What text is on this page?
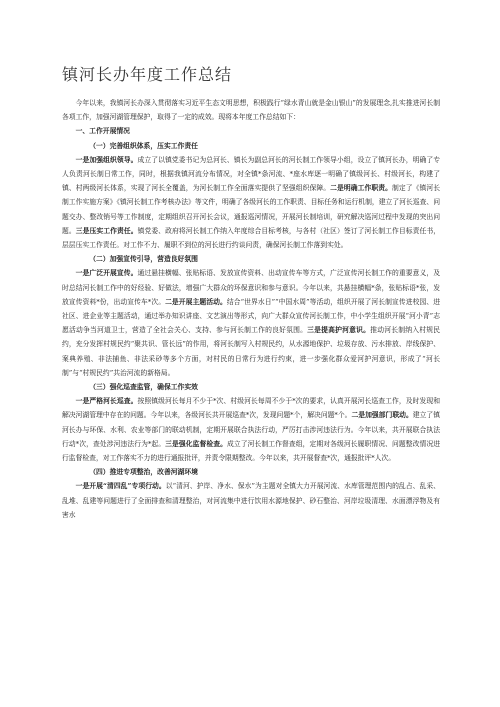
镇河长办年度工作总结

今年以来，我镇河长办深入贯彻落实习近平生态文明思想，积极践行“绿水青山就是金山银山”的发展理念,扎实推进河长制各项工作，加强河湖管理保护，取得了一定的成效。现将本年度工作总结如下：

一、工作开展情况

（一）完善组织体系，压实工作责任

一是加强组织领导。成立了以镇党委书记为总河长、镇长为副总河长的河长制工作领导小组，设立了镇河长办，明确了专人负责河长制日常工作，同时，根据我镇河流分布情况，对全镇*条河流、*座水库逐一明确了镇级河长、村级河长，构建了镇、村两级河长体系，实现了河长全覆盖，为河长制工作全面落实提供了坚强组织保障。二是明确工作职责。制定了《镇河长制工作实施方案》《镇河长制工作考核办法》等文件，明确了各级河长的工作职责、目标任务和运行机制，建立了河长巡查、问题交办、整改销号等工作制度，定期组织召开河长会议，通报巡河情况，开展河长制培训，研究解决巡河过程中发现的突出问题。三是压实工作责任。镇党委、政府将河长制工作纳入年度综合目标考核，与各村（社区）签订了河长制工作目标责任书，层层压实工作责任。对工作不力、履职不到位的河长进行约谈问责，确保河长制工作落到实处。

（二）加强宣传引导，营造良好氛围

一是广泛开展宣传。通过悬挂横幅、张贴标语、发放宣传资料、出动宣传车等方式，广泛宣传河长制工作的重要意义，及时总结河长制工作中的好经验、好做法，增强广大群众的环保意识和参与意识。今年以来，共悬挂横幅*条，张贴标语*张，发放宣传资料*份，出动宣传车*次。二是开展主题活动。结合“世界水日”“中国水周”等活动，组织开展了河长制宣传进校园、进社区、进企业等主题活动，通过举办知识讲座、文艺演出等形式，向广大群众宣传河长制工作，中小学生组织开展“河小青”志愿活动争当河道卫士，营造了全社会关心、支持、参与河长制工作的良好氛围。三是提高护河意识。推动河长制纳入村规民约，充分发挥村规民约“聚共识、管长远”的作用，将河长制写入村规民约，从水源地保护、垃圾存放、污水排放、岸线保护、案典养殖、非法捕鱼、非法采砂等多个方面，对村民的日常行为进行约束，进一步强化群众爱河护河意识，形成了“河长制”与“村规民约”共治河流的新格局。

（三）强化巡查监管，确保工作实效

一是严格河长巡查。按照镇级河长每月不少于*次、村级河长每周不少于*次的要求，认真开展河长巡查工作，及时发现和解决河湖管理中存在的问题。今年以来，各级河长共开展巡查*次，发现问题*个，解决问题*个。二是加强部门联动。建立了镇河长办与环保、水利、农业等部门的联动机制，定期开展联合执法行动，严厉打击涉河违法行为。今年以来，共开展联合执法行动*次，查处涉河违法行为*起。三是强化监督检查。成立了河长制工作督查组，定期对各级河长履职情况、问题整改情况进行监督检查，对工作落实不力的进行通报批评，并责令限期整改。今年以来，共开展督查*次，通报批评*人次。

（四）推进专项整治，改善河湖环境

一是开展“清四乱”专项行动。以“清河、护岸、净水、保水”为主题对全镇大力开展河流、水库管理范围内的乱占、乱采、乱堆、乱建等问题进行了全面排查和清理整治，对河流集中进行饮用水源地保护、砂石整治、河岸垃圾清理、水面漂浮物及有害水
